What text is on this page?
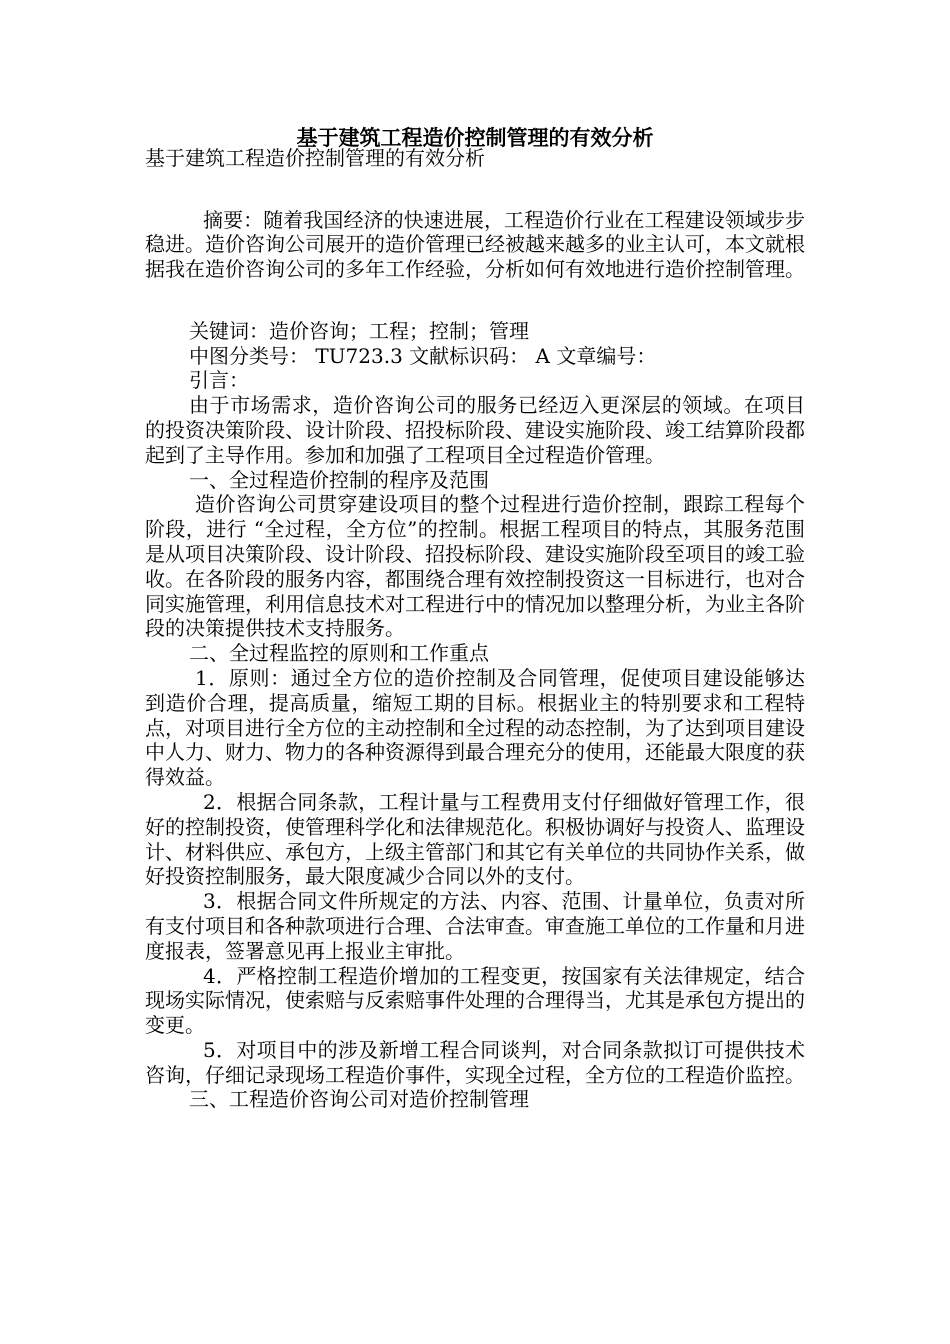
基于建筑工程造价控制管理的有效分析

基于建筑工程造价控制管理的有效分析

摘要：随着我国经济的快速进展，工程造价行业在工程建设领域步步稳进。造价咨询公司展开的造价管理已经被越来越多的业主认可，本文就根据我在造价咨询公司的多年工作经验，分析如何有效地进行造价控制管理。

关键词：造价咨询；工程；控制；管理

中图分类号： TU723.3 文献标识码： A 文章编号：

引言：

由于市场需求，造价咨询公司的服务已经迈入更深层的领域。在项目的投资决策阶段、设计阶段、招投标阶段、建设实施阶段、竣工结算阶段都起到了主导作用。参加和加强了工程项目全过程造价管理。

一、全过程造价控制的程序及范围

造价咨询公司贯穿建设项目的整个过程进行造价控制，跟踪工程每个阶段，进行 “全过程，全方位”的控制。根据工程项目的特点，其服务范围是从项目决策阶段、设计阶段、招投标阶段、建设实施阶段至项目的竣工验收。在各阶段的服务内容，都围绕合理有效控制投资这一目标进行，也对合同实施管理，利用信息技术对工程进行中的情况加以整理分析，为业主各阶段的决策提供技术支持服务。

二、全过程监控的原则和工作重点

1．原则：通过全方位的造价控制及合同管理，促使项目建设能够达到造价合理，提高质量，缩短工期的目标。根据业主的特别要求和工程特点，对项目进行全方位的主动控制和全过程的动态控制，为了达到项目建设中人力、财力、物力的各种资源得到最合理充分的使用，还能最大限度的获得效益。

2．根据合同条款，工程计量与工程费用支付仔细做好管理工作，很好的控制投资，使管理科学化和法律规范化。积极协调好与投资人、监理设计、材料供应、承包方，上级主管部门和其它有关单位的共同协作关系，做好投资控制服务，最大限度减少合同以外的支付。

3．根据合同文件所规定的方法、内容、范围、计量单位，负责对所有支付项目和各种款项进行合理、合法审查。审查施工单位的工作量和月进度报表，签署意见再上报业主审批。

4．严格控制工程造价增加的工程变更，按国家有关法律规定，结合现场实际情况，使索赔与反索赔事件处理的合理得当，尤其是承包方提出的变更。

5．对项目中的涉及新增工程合同谈判，对合同条款拟订可提供技术咨询，仔细记录现场工程造价事件，实现全过程，全方位的工程造价监控。

三、工程造价咨询公司对造价控制管理
